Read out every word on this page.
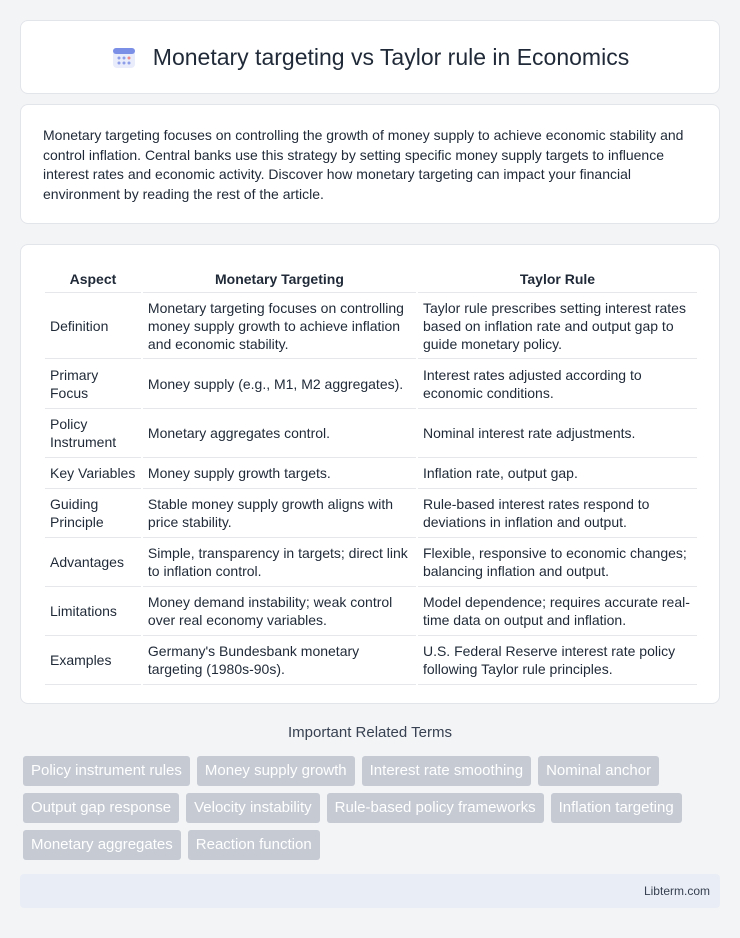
Monetary targeting vs Taylor rule in Economics

Monetary targeting focuses on controlling the growth of money supply to achieve economic stability and control inflation. Central banks use this strategy by setting specific money supply targets to influence interest rates and economic activity. Discover how monetary targeting can impact your financial environment by reading the rest of the article.

Aspect	Monetary Targeting	Taylor Rule
Definition	Monetary targeting focuses on controlling money supply growth to achieve inflation and economic stability.	Taylor rule prescribes setting interest rates based on inflation rate and output gap to guide monetary policy.
Primary Focus	Money supply (e.g., M1, M2 aggregates).	Interest rates adjusted according to economic conditions.
Policy Instrument	Monetary aggregates control.	Nominal interest rate adjustments.
Key Variables	Money supply growth targets.	Inflation rate, output gap.
Guiding Principle	Stable money supply growth aligns with price stability.	Rule-based interest rates respond to deviations in inflation and output.
Advantages	Simple, transparency in targets; direct link to inflation control.	Flexible, responsive to economic changes; balancing inflation and output.
Limitations	Money demand instability; weak control over real economy variables.	Model dependence; requires accurate real-time data on output and inflation.
Examples	Germany's Bundesbank monetary targeting (1980s-90s).	U.S. Federal Reserve interest rate policy following Taylor rule principles.
Important Related Terms
Policy instrument rules	Money supply growth	Interest rate smoothing	Nominal anchor
Output gap response	Velocity instability	Rule-based policy frameworks	Inflation targeting
Monetary aggregates	Reaction function
Libterm.com
